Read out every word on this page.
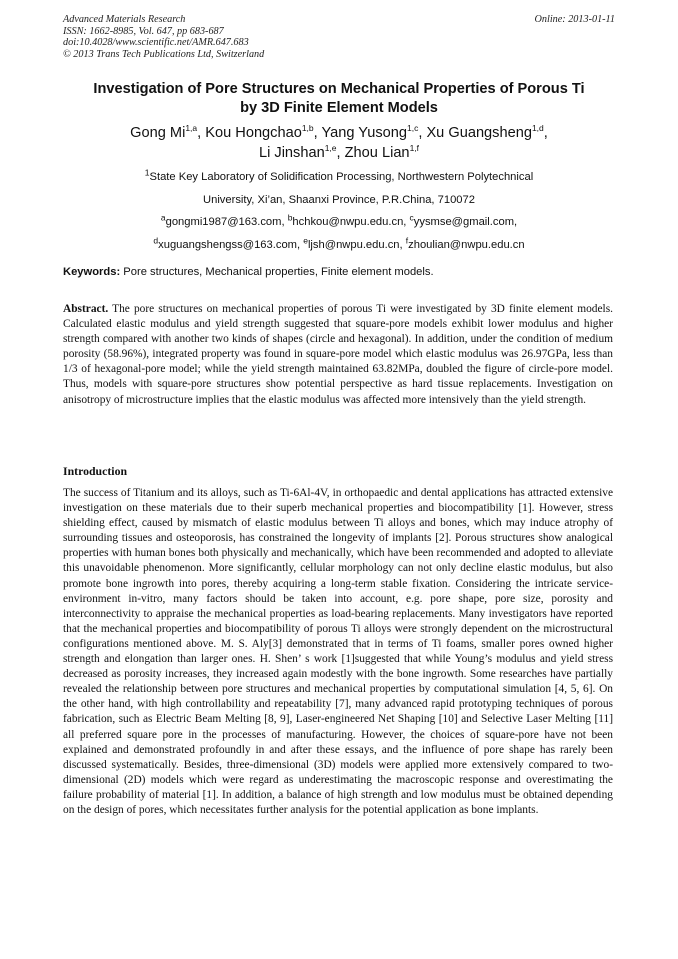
Advanced Materials Research
ISSN: 1662-8985, Vol. 647, pp 683-687
doi:10.4028/www.scientific.net/AMR.647.683
© 2013 Trans Tech Publications Ltd, Switzerland
Online: 2013-01-11
Investigation of Pore Structures on Mechanical Properties of Porous Ti
by 3D Finite Element Models
Gong Mi$^{1,a}$, Kou Hongchao$^{1,b}$, Yang Yusong$^{1,c}$, Xu Guangsheng$^{1,d}$,
Li Jinshan$^{1,e}$, Zhou Lian$^{1,f}$
$^1$State Key Laboratory of Solidification Processing, Northwestern Polytechnical
University, Xi’an, Shaanxi Province, P.R.China, 710072
$^a$gongmi1987@163.com, $^b$hchkou@nwpu.edu.cn, $^c$yysmse@gmail.com,
$^d$xuguangshengss@163.com, $^e$ljsh@nwpu.edu.cn, $^f$zhoulian@nwpu.edu.cn
Keywords: Pore structures, Mechanical properties, Finite element models.
Abstract. The pore structures on mechanical properties of porous Ti were investigated by 3D finite element models. Calculated elastic modulus and yield strength suggested that square-pore models exhibit lower modulus and higher strength compared with another two kinds of shapes (circle and hexagonal). In addition, under the condition of medium porosity (58.96%), integrated property was found in square-pore model which elastic modulus was 26.97GPa, less than 1/3 of hexagonal-pore model; while the yield strength maintained 63.82MPa, doubled the figure of circle-pore model. Thus, models with square-pore structures show potential perspective as hard tissue replacements. Investigation on anisotropy of microstructure implies that the elastic modulus was affected more intensively than the yield strength.
Introduction
The success of Titanium and its alloys, such as Ti-6Al-4V, in orthopaedic and dental applications has attracted extensive investigation on these materials due to their superb mechanical properties and biocompatibility [1]. However, stress shielding effect, caused by mismatch of elastic modulus between Ti alloys and bones, which may induce atrophy of surrounding tissues and osteoporosis, has constrained the longevity of implants [2]. Porous structures show analogical properties with human bones both physically and mechanically, which have been recommended and adopted to alleviate this unavoidable phenomenon. More significantly, cellular morphology can not only decline elastic modulus, but also promote bone ingrowth into pores, thereby acquiring a long-term stable fixation. Considering the intricate service-environment in-vitro, many factors should be taken into account, e.g. pore shape, pore size, porosity and interconnectivity to appraise the mechanical properties as load-bearing replacements. Many investigators have reported that the mechanical properties and biocompatibility of porous Ti alloys were strongly dependent on the microstructural configurations mentioned above. M. S. Aly[3] demonstrated that in terms of Ti foams, smaller pores owned higher strength and elongation than larger ones. H. Shen’ s work [1]suggested that while Young’s modulus and yield stress decreased as porosity increases, they increased again modestly with the bone ingrowth. Some researches have partially revealed the relationship between pore structures and mechanical properties by computational simulation [4, 5, 6]. On the other hand, with high controllability and repeatability [7], many advanced rapid prototyping techniques of porous fabrication, such as Electric Beam Melting [8, 9], Laser-engineered Net Shaping [10] and Selective Laser Melting [11] all preferred square pore in the processes of manufacturing. However, the choices of square-pore have not been explained and demonstrated profoundly in and after these essays, and the influence of pore shape has rarely been discussed systematically. Besides, three-dimensional (3D) models were applied more extensively compared to two-dimensional (2D) models which were regard as underestimating the macroscopic response and overestimating the failure probability of material [1]. In addition, a balance of high strength and low modulus must be obtained depending on the design of pores, which necessitates further analysis for the potential application as bone implants.
